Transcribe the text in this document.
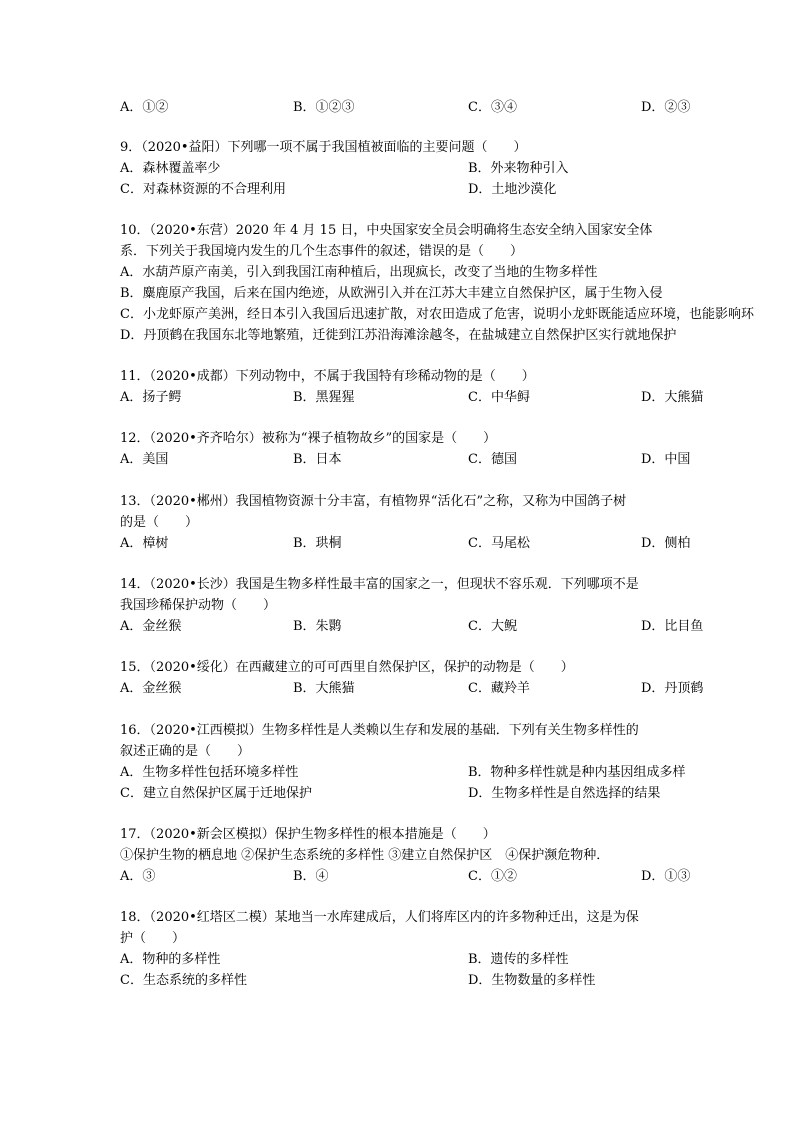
A．①②	B．①②③	C．③④	D．②③
9．（2020•益阳）下列哪一项不属于我国植被面临的主要问题（　　）
A．森林覆盖率少	B．外来物种引入
C．对森林资源的不合理利用	D．土地沙漠化
10．（2020•东营）2020 年 4 月 15 日，中央国家安全员会明确将生态安全纳入国家安全体
系．下列关于我国境内发生的几个生态事件的叙述，错误的是（　　）
A．水葫芦原产南美，引入到我国江南种植后，出现疯长，改变了当地的生物多样性
B．麋鹿原产我国，后来在国内绝迹，从欧洲引入并在江苏大丰建立自然保护区，属于生物入侵
C．小龙虾原产美洲，经日本引入我国后迅速扩散，对农田造成了危害，说明小龙虾既能适应环境，也能影响环
D．丹顶鹤在我国东北等地繁殖，迁徙到江苏沿海滩涂越冬，在盐城建立自然保护区实行就地保护
11．（2020•成都）下列动物中，不属于我国特有珍稀动物的是（　　）
A．扬子鳄	B．黑猩猩	C．中华鲟	D．大熊猫
12．（2020•齐齐哈尔）被称为“裸子植物故乡”的国家是（　　）
A．美国	B．日本	C．德国	D．中国
13．（2020•郴州）我国植物资源十分丰富，有植物界“活化石”之称，又称为中国鸽子树
的是（　　）
A．樟树	B．珙桐	C．马尾松	D．侧柏
14．（2020•长沙）我国是生物多样性最丰富的国家之一，但现状不容乐观．下列哪项不是
我国珍稀保护动物（　　）
A．金丝猴	B．朱鹮	C．大鲵	D．比目鱼
15．（2020•绥化）在西藏建立的可可西里自然保护区，保护的动物是（　　）
A．金丝猴	B．大熊猫	C．藏羚羊	D．丹顶鹤
16．（2020•江西模拟）生物多样性是人类赖以生存和发展的基础．下列有关生物多样性的
叙述正确的是（　　）
A．生物多样性包括环境多样性	B．物种多样性就是种内基因组成多样
C．建立自然保护区属于迁地保护	D．生物多样性是自然选择的结果
17．（2020•新会区模拟）保护生物多样性的根本措施是（　　）
①保护生物的栖息地 ②保护生态系统的多样性 ③建立自然保护区　④保护濒危物种．
A．③	B．④	C．①②	D．①③
18．（2020•红塔区二模）某地当一水库建成后，人们将库区内的许多物种迁出，这是为保
护（　　）
A．物种的多样性	B．遗传的多样性
C．生态系统的多样性	D．生物数量的多样性
